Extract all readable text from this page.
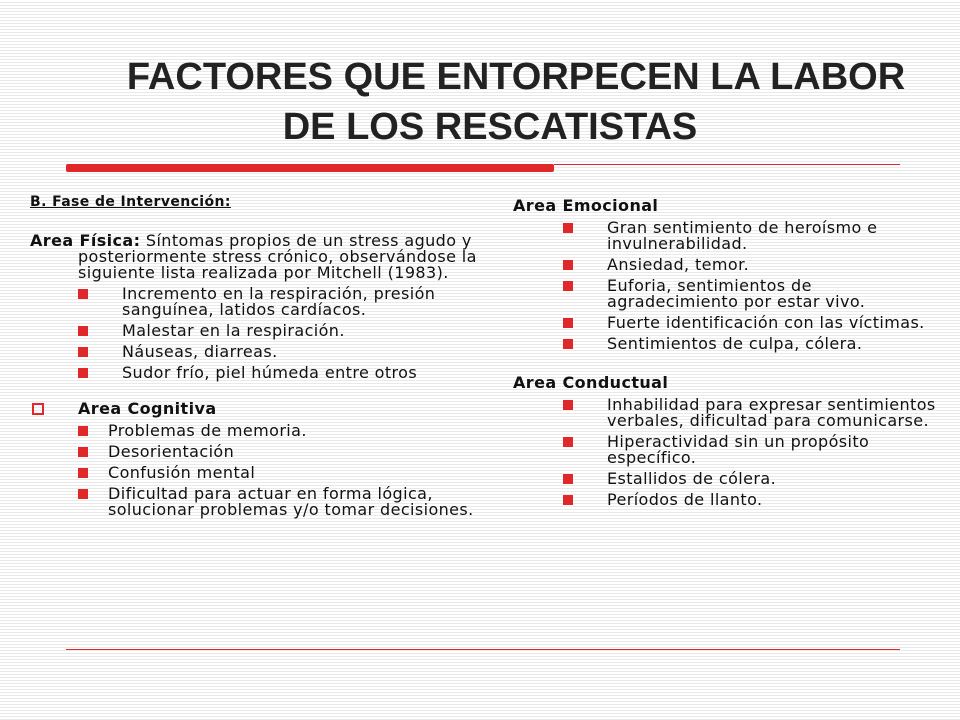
FACTORES QUE ENTORPECEN LA LABOR
DE LOS RESCATISTAS
B. Fase de Intervención:
Area Física: Síntomas propios de un stress agudo y posteriormente stress crónico, observándose la siguiente lista realizada por Mitchell (1983).
Incremento en la respiración, presión sanguínea, latidos cardíacos.
Malestar en la respiración.
Náuseas, diarreas.
Sudor frío, piel húmeda entre otros
Area Cognitiva
Problemas de memoria.
Desorientación
Confusión mental
Dificultad para actuar en forma lógica, solucionar problemas y/o tomar decisiones.
Area Emocional
Gran sentimiento de heroísmo e invulnerabilidad.
Ansiedad, temor.
Euforia, sentimientos de agradecimiento por estar vivo.
Fuerte identificación con las víctimas.
Sentimientos de culpa, cólera.
Area Conductual
Inhabilidad para expresar sentimientos verbales, dificultad para comunicarse.
Hiperactividad sin un propósito específico.
Estallidos de cólera.
Períodos de llanto.
